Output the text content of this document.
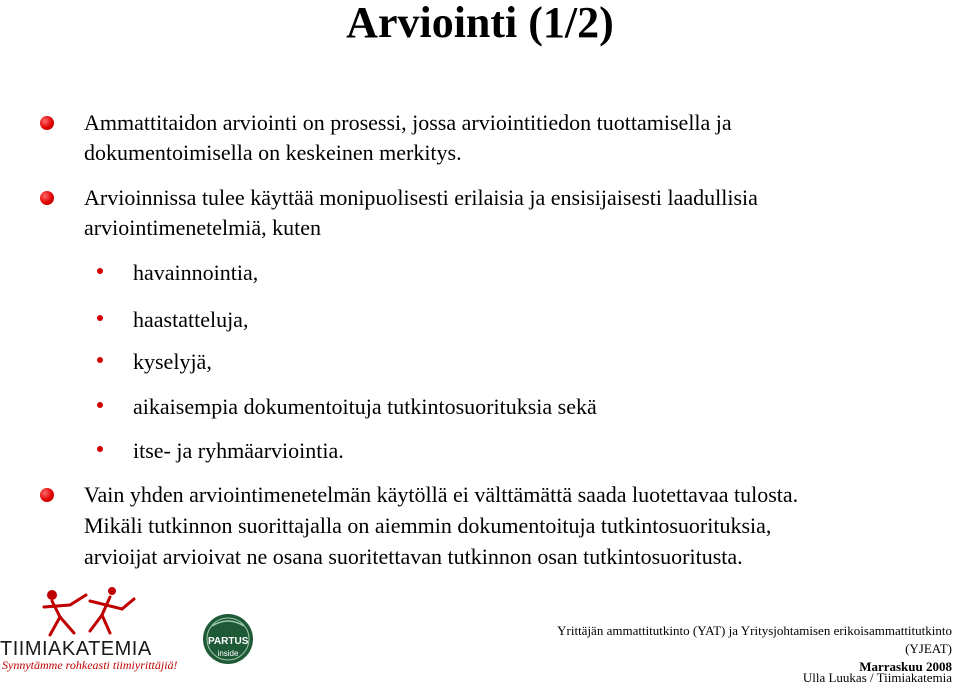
Arviointi (1/2)
Ammattitaidon arviointi on prosessi, jossa arviointitiedon tuottamisella ja
dokumentoimisella on keskeinen merkitys.
Arvioinnissa tulee käyttää monipuolisesti erilaisia ja ensisijaisesti laadullisia
arviointimenetelmiä, kuten
havainnointia,
haastatteluja,
kyselyjä,
aikaisempia dokumentoituja tutkintosuorituksia sekä
itse- ja ryhmäarviointia.
Vain yhden arviointimenetelmän käytöllä ei välttämättä saada luotettavaa tulosta.
Mikäli tutkinnon suorittajalla on aiemmin dokumentoituja tutkintosuorituksia,
arvioijat arvioivat ne osana suoritettavan tutkinnon osan tutkintosuoritusta.
TIIMIAKATEMIA
Synnytämme rohkeasti tiimiyrittäjiä!
PARTUS
inside
Yrittäjän ammattitutkinto (YAT) ja Yritysjohtamisen erikoisammattitutkinto
(YJEAT)
Marraskuu 2008
Ulla Luukas / Tiimiakatemia
